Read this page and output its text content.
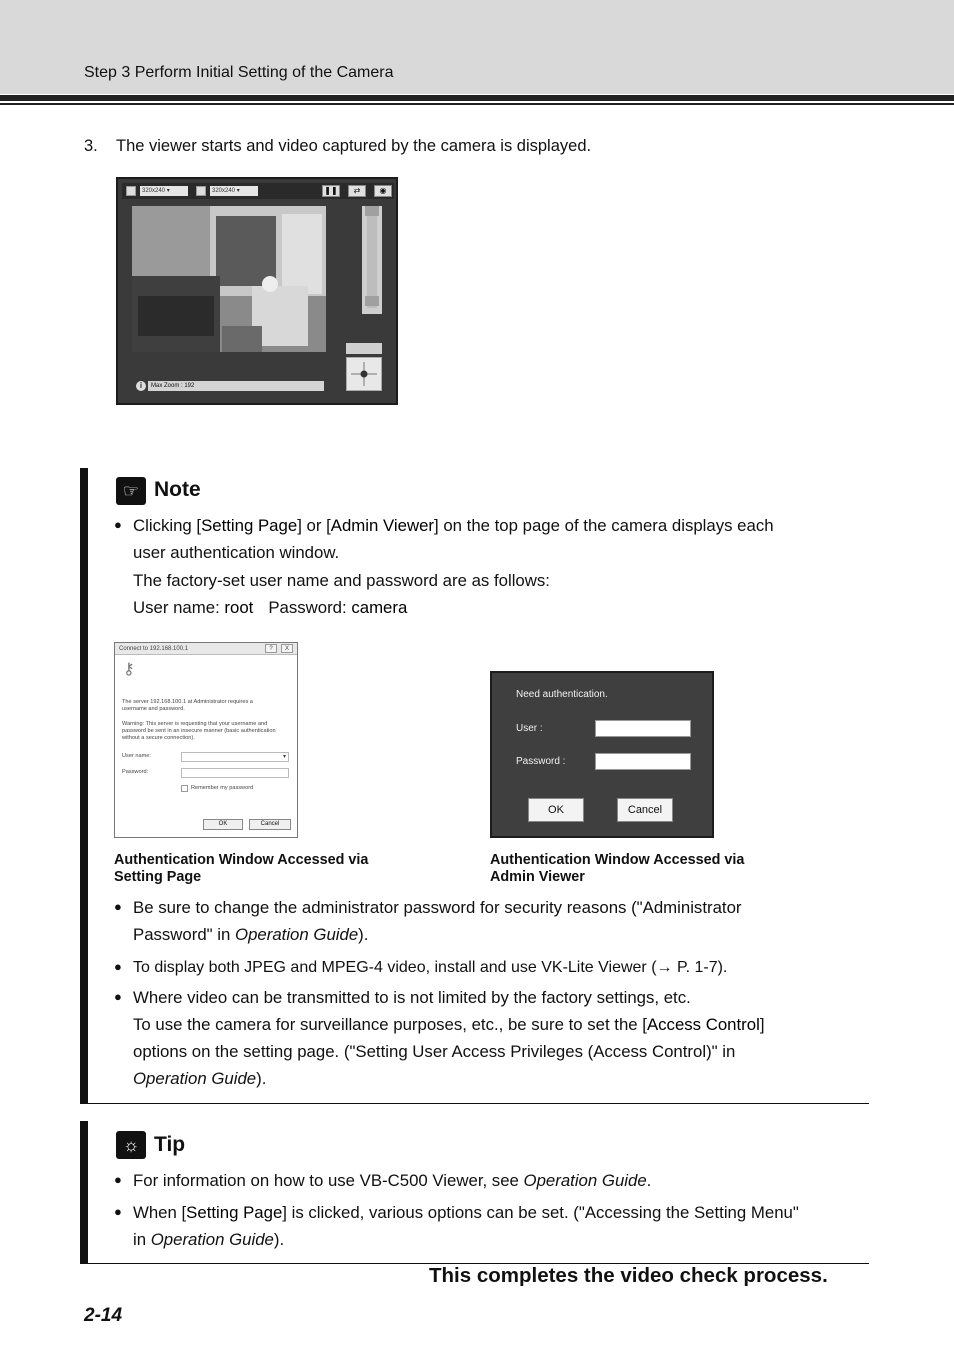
Step 3 Perform Initial Setting of the Camera
3. The viewer starts and video captured by the camera is displayed.
320x240 ▾	320x240 ▾	❚❚	⇄	◉
i	Max Zoom : 192
☞ Note
● Clicking [Setting Page] or [Admin Viewer] on the top page of the camera displays each
user authentication window.
The factory-set user name and password are as follows:
User name: root Password: camera
Connect to 192.168.100.1	?	X
⚷
The server 192.168.100.1 at Administrator requires a
username and password.
Warning: This server is requesting that your username and
password be sent in an insecure manner (basic authentication
without a secure connection).
User name:	▾
Password:
Remember my password
OK	Cancel
Need authentication.
User :
Password :
OK	Cancel
Authentication Window Accessed via
Setting Page
Authentication Window Accessed via
Admin Viewer
● Be sure to change the administrator password for security reasons ("Administrator
Password" in Operation Guide).
● To display both JPEG and MPEG-4 video, install and use VK-Lite Viewer (→ P. 1-7).
● Where video can be transmitted to is not limited by the factory settings, etc.
To use the camera for surveillance purposes, etc., be sure to set the [Access Control]
options on the setting page. ("Setting User Access Privileges (Access Control)" in
Operation Guide).
☼ Tip
● For information on how to use VB-C500 Viewer, see Operation Guide.
● When [Setting Page] is clicked, various options can be set. ("Accessing the Setting Menu"
in Operation Guide).
This completes the video check process.
2-14
